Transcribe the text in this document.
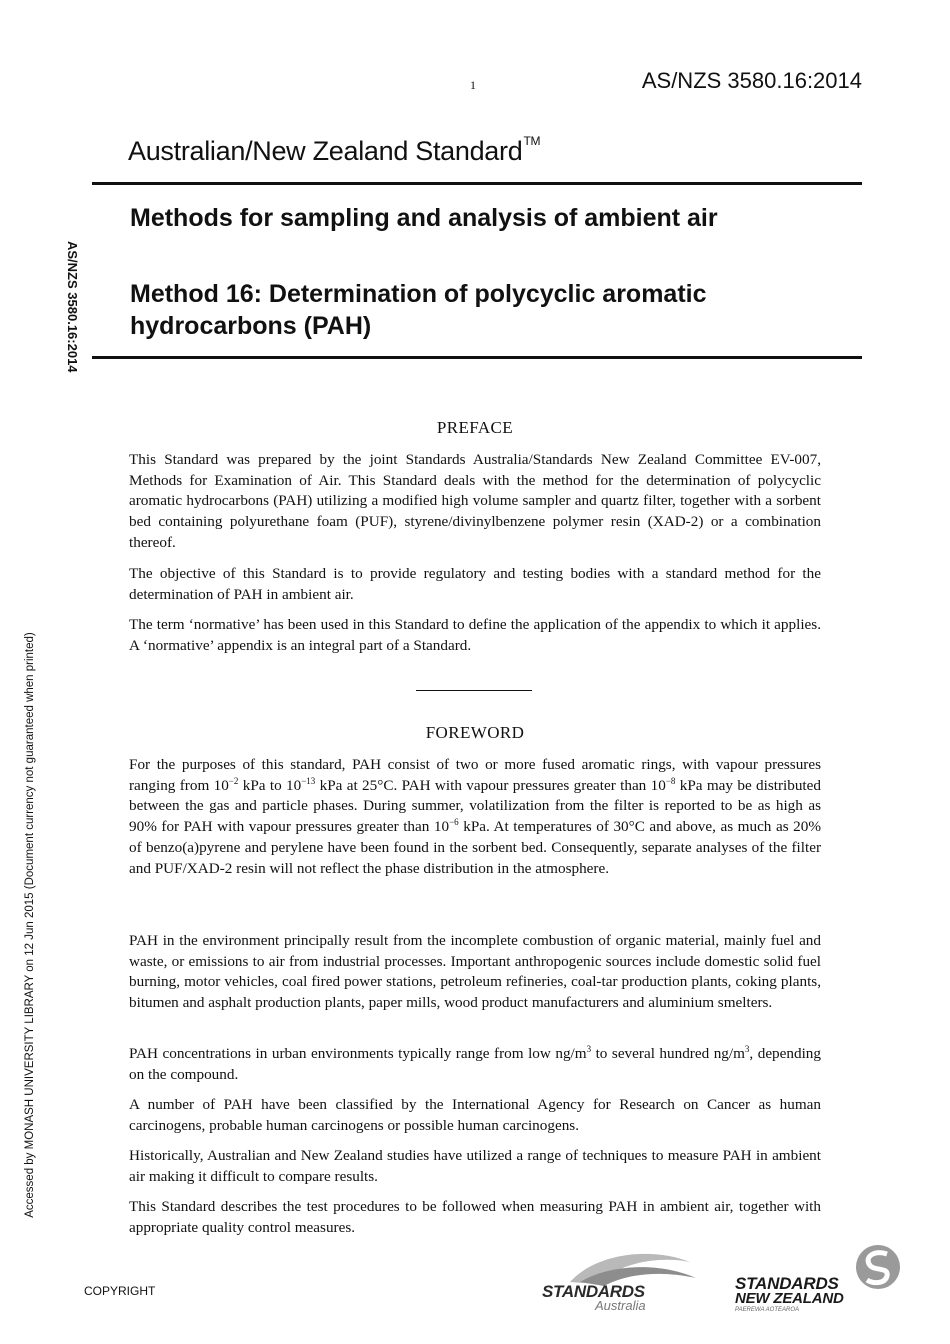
1	AS/NZS 3580.16:2014
Australian/New Zealand Standard™
AS/NZS 3580.16:2014
Methods for sampling and analysis of ambient air
Method 16: Determination of polycyclic aromatic hydrocarbons (PAH)
PREFACE

This Standard was prepared by the joint Standards Australia/Standards New Zealand Committee EV-007, Methods for Examination of Air. This Standard deals with the method for the determination of polycyclic aromatic hydrocarbons (PAH) utilizing a modified high volume sampler and quartz filter, together with a sorbent bed containing polyurethane foam (PUF), styrene/divinylbenzene polymer resin (XAD-2) or a combination thereof.

The objective of this Standard is to provide regulatory and testing bodies with a standard method for the determination of PAH in ambient air.

The term ‘normative’ has been used in this Standard to define the application of the appendix to which it applies. A ‘normative’ appendix is an integral part of a Standard.

FOREWORD

For the purposes of this standard, PAH consist of two or more fused aromatic rings, with vapour pressures ranging from $10^{-2}$ kPa to $10^{-13}$ kPa at 25°C. PAH with vapour pressures greater than $10^{-8}$ kPa may be distributed between the gas and particle phases. During summer, volatilization from the filter is reported to be as high as 90% for PAH with vapour pressures greater than $10^{-6}$ kPa. At temperatures of 30°C and above, as much as 20% of benzo(a)pyrene and perylene have been found in the sorbent bed. Consequently, separate analyses of the filter and PUF/XAD-2 resin will not reflect the phase distribution in the atmosphere.

PAH in the environment principally result from the incomplete combustion of organic material, mainly fuel and waste, or emissions to air from industrial processes. Important anthropogenic sources include domestic solid fuel burning, motor vehicles, coal fired power stations, petroleum refineries, coal-tar production plants, coking plants, bitumen and asphalt production plants, paper mills, wood product manufacturers and aluminium smelters.

PAH concentrations in urban environments typically range from low $ng/m^3$ to several hundred $ng/m^3$, depending on the compound.

A number of PAH have been classified by the International Agency for Research on Cancer as human carcinogens, probable human carcinogens or possible human carcinogens.

Historically, Australian and New Zealand studies have utilized a range of techniques to measure PAH in ambient air making it difficult to compare results.

This Standard describes the test procedures to be followed when measuring PAH in ambient air, together with appropriate quality control measures.

Accessed by MONASH UNIVERSITY LIBRARY on 12 Jun 2015 (Document currency not guaranteed when printed)
COPYRIGHT	STANDARDS
Australia
STANDARDS
NEW ZEALAND
PAEREWA AOTEAROA
